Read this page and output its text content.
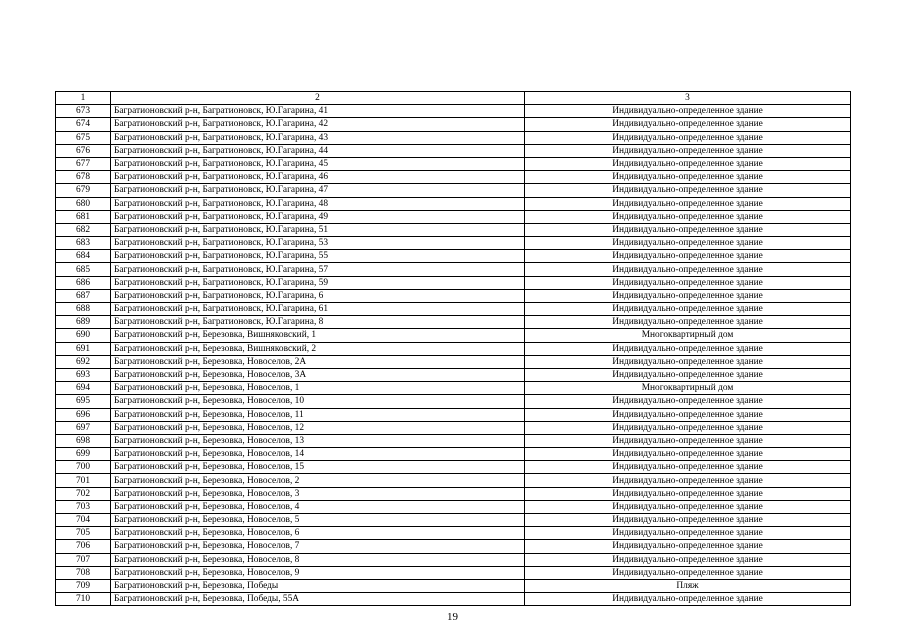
1	2	3
673	Багратионовский р-н, Багратионовск, Ю.Гагарина, 41	Индивидуально-определенное здание
674	Багратионовский р-н, Багратионовск, Ю.Гагарина, 42	Индивидуально-определенное здание
675	Багратионовский р-н, Багратионовск, Ю.Гагарина, 43	Индивидуально-определенное здание
676	Багратионовский р-н, Багратионовск, Ю.Гагарина, 44	Индивидуально-определенное здание
677	Багратионовский р-н, Багратионовск, Ю.Гагарина, 45	Индивидуально-определенное здание
678	Багратионовский р-н, Багратионовск, Ю.Гагарина, 46	Индивидуально-определенное здание
679	Багратионовский р-н, Багратионовск, Ю.Гагарина, 47	Индивидуально-определенное здание
680	Багратионовский р-н, Багратионовск, Ю.Гагарина, 48	Индивидуально-определенное здание
681	Багратионовский р-н, Багратионовск, Ю.Гагарина, 49	Индивидуально-определенное здание
682	Багратионовский р-н, Багратионовск, Ю.Гагарина, 51	Индивидуально-определенное здание
683	Багратионовский р-н, Багратионовск, Ю.Гагарина, 53	Индивидуально-определенное здание
684	Багратионовский р-н, Багратионовск, Ю.Гагарина, 55	Индивидуально-определенное здание
685	Багратионовский р-н, Багратионовск, Ю.Гагарина, 57	Индивидуально-определенное здание
686	Багратионовский р-н, Багратионовск, Ю.Гагарина, 59	Индивидуально-определенное здание
687	Багратионовский р-н, Багратионовск, Ю.Гагарина, 6	Индивидуально-определенное здание
688	Багратионовский р-н, Багратионовск, Ю.Гагарина, 61	Индивидуально-определенное здание
689	Багратионовский р-н, Багратионовск, Ю.Гагарина, 8	Индивидуально-определенное здание
690	Багратионовский р-н, Березовка, Вишняковский, 1	Многоквартирный дом
691	Багратионовский р-н, Березовка, Вишняковский, 2	Индивидуально-определенное здание
692	Багратионовский р-н, Березовка, Новоселов, 2А	Индивидуально-определенное здание
693	Багратионовский р-н, Березовка, Новоселов, 3А	Индивидуально-определенное здание
694	Багратионовский р-н, Березовка, Новоселов, 1	Многоквартирный дом
695	Багратионовский р-н, Березовка, Новоселов, 10	Индивидуально-определенное здание
696	Багратионовский р-н, Березовка, Новоселов, 11	Индивидуально-определенное здание
697	Багратионовский р-н, Березовка, Новоселов, 12	Индивидуально-определенное здание
698	Багратионовский р-н, Березовка, Новоселов, 13	Индивидуально-определенное здание
699	Багратионовский р-н, Березовка, Новоселов, 14	Индивидуально-определенное здание
700	Багратионовский р-н, Березовка, Новоселов, 15	Индивидуально-определенное здание
701	Багратионовский р-н, Березовка, Новоселов, 2	Индивидуально-определенное здание
702	Багратионовский р-н, Березовка, Новоселов, 3	Индивидуально-определенное здание
703	Багратионовский р-н, Березовка, Новоселов, 4	Индивидуально-определенное здание
704	Багратионовский р-н, Березовка, Новоселов, 5	Индивидуально-определенное здание
705	Багратионовский р-н, Березовка, Новоселов, 6	Индивидуально-определенное здание
706	Багратионовский р-н, Березовка, Новоселов, 7	Индивидуально-определенное здание
707	Багратионовский р-н, Березовка, Новоселов, 8	Индивидуально-определенное здание
708	Багратионовский р-н, Березовка, Новоселов, 9	Индивидуально-определенное здание
709	Багратионовский р-н, Березовка, Победы	Пляж
710	Багратионовский р-н, Березовка, Победы, 55А	Индивидуально-определенное здание
19
